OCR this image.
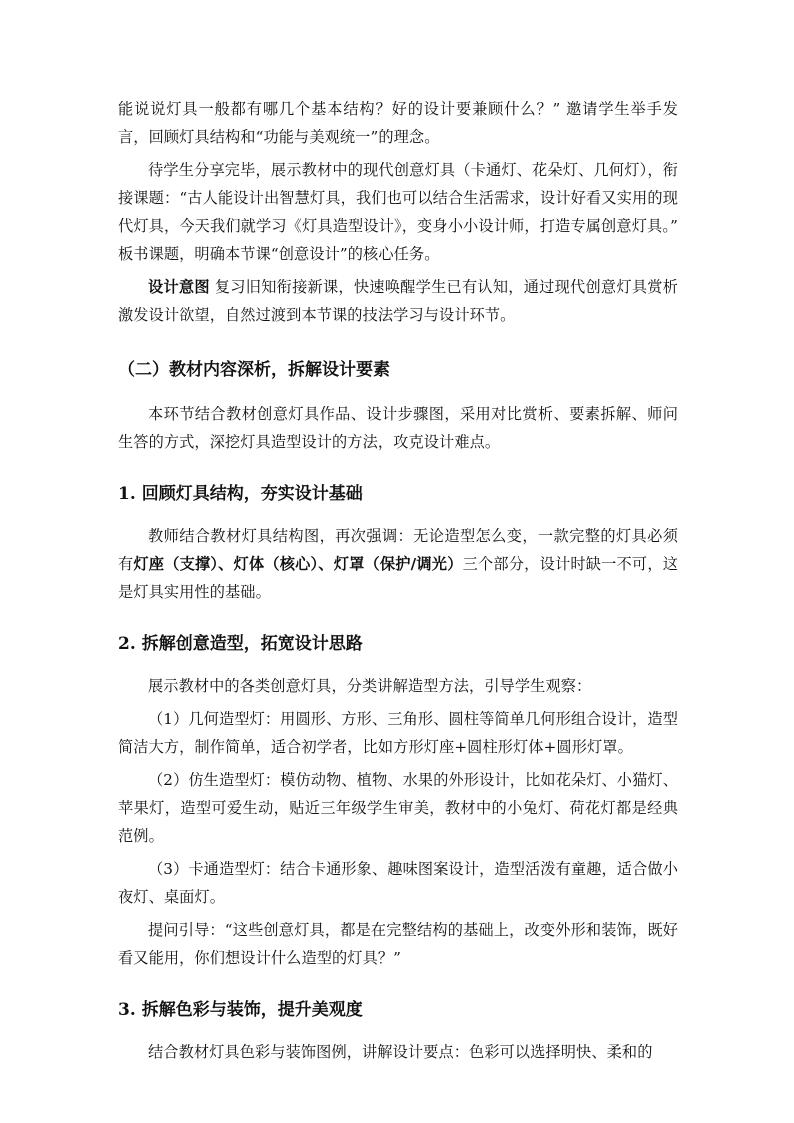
能说说灯具一般都有哪几个基本结构？好的设计要兼顾什么？” 邀请学生举手发言，回顾灯具结构和“功能与美观统一”的理念。

待学生分享完毕，展示教材中的现代创意灯具（卡通灯、花朵灯、几何灯），衔接课题：“古人能设计出智慧灯具，我们也可以结合生活需求，设计好看又实用的现代灯具，今天我们就学习《灯具造型设计》，变身小小设计师，打造专属创意灯具。” 板书课题，明确本节课“创意设计”的核心任务。

设计意图 复习旧知衔接新课，快速唤醒学生已有认知，通过现代创意灯具赏析激发设计欲望，自然过渡到本节课的技法学习与设计环节。

（二）教材内容深析，拆解设计要素

本环节结合教材创意灯具作品、设计步骤图，采用对比赏析、要素拆解、师问生答的方式，深挖灯具造型设计的方法，攻克设计难点。

1. 回顾灯具结构，夯实设计基础

教师结合教材灯具结构图，再次强调：无论造型怎么变，一款完整的灯具必须有灯座（支撑）、灯体（核心）、灯罩（保护/调光）三个部分，设计时缺一不可，这是灯具实用性的基础。

2. 拆解创意造型，拓宽设计思路

展示教材中的各类创意灯具，分类讲解造型方法，引导学生观察：

（1）几何造型灯：用圆形、方形、三角形、圆柱等简单几何形组合设计，造型简洁大方，制作简单，适合初学者，比如方形灯座+圆柱形灯体+圆形灯罩。

（2）仿生造型灯：模仿动物、植物、水果的外形设计，比如花朵灯、小猫灯、苹果灯，造型可爱生动，贴近三年级学生审美，教材中的小兔灯、荷花灯都是经典范例。

（3）卡通造型灯：结合卡通形象、趣味图案设计，造型活泼有童趣，适合做小夜灯、桌面灯。

提问引导：“这些创意灯具，都是在完整结构的基础上，改变外形和装饰，既好看又能用，你们想设计什么造型的灯具？”

3. 拆解色彩与装饰，提升美观度

结合教材灯具色彩与装饰图例，讲解设计要点：色彩可以选择明快、柔和的
